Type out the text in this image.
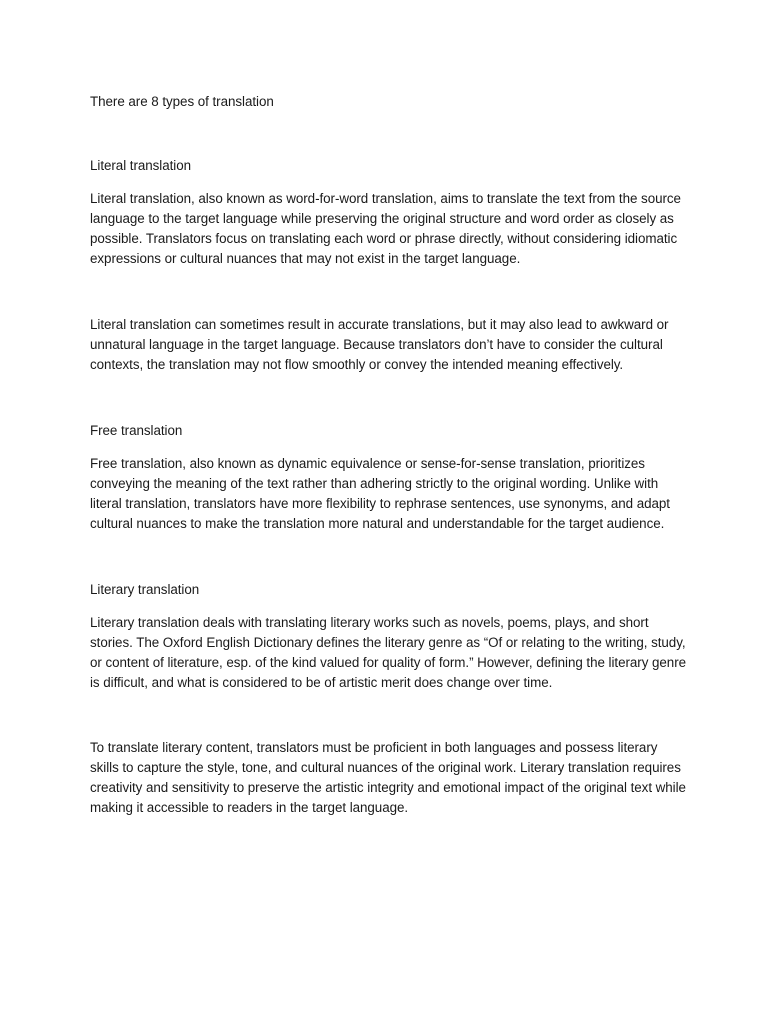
There are 8 types of translation

Literal translation

Literal translation, also known as word-for-word translation, aims to translate the text from the source language to the target language while preserving the original structure and word order as closely as possible. Translators focus on translating each word or phrase directly, without considering idiomatic expressions or cultural nuances that may not exist in the target language.

Literal translation can sometimes result in accurate translations, but it may also lead to awkward or unnatural language in the target language. Because translators don’t have to consider the cultural contexts, the translation may not flow smoothly or convey the intended meaning effectively.

Free translation

Free translation, also known as dynamic equivalence or sense-for-sense translation, prioritizes conveying the meaning of the text rather than adhering strictly to the original wording. Unlike with literal translation, translators have more flexibility to rephrase sentences, use synonyms, and adapt cultural nuances to make the translation more natural and understandable for the target audience.

Literary translation

Literary translation deals with translating literary works such as novels, poems, plays, and short stories. The Oxford English Dictionary defines the literary genre as “Of or relating to the writing, study, or content of literature, esp. of the kind valued for quality of form.” However, defining the literary genre is difficult, and what is considered to be of artistic merit does change over time.

To translate literary content, translators must be proficient in both languages and possess literary skills to capture the style, tone, and cultural nuances of the original work. Literary translation requires creativity and sensitivity to preserve the artistic integrity and emotional impact of the original text while making it accessible to readers in the target language.
